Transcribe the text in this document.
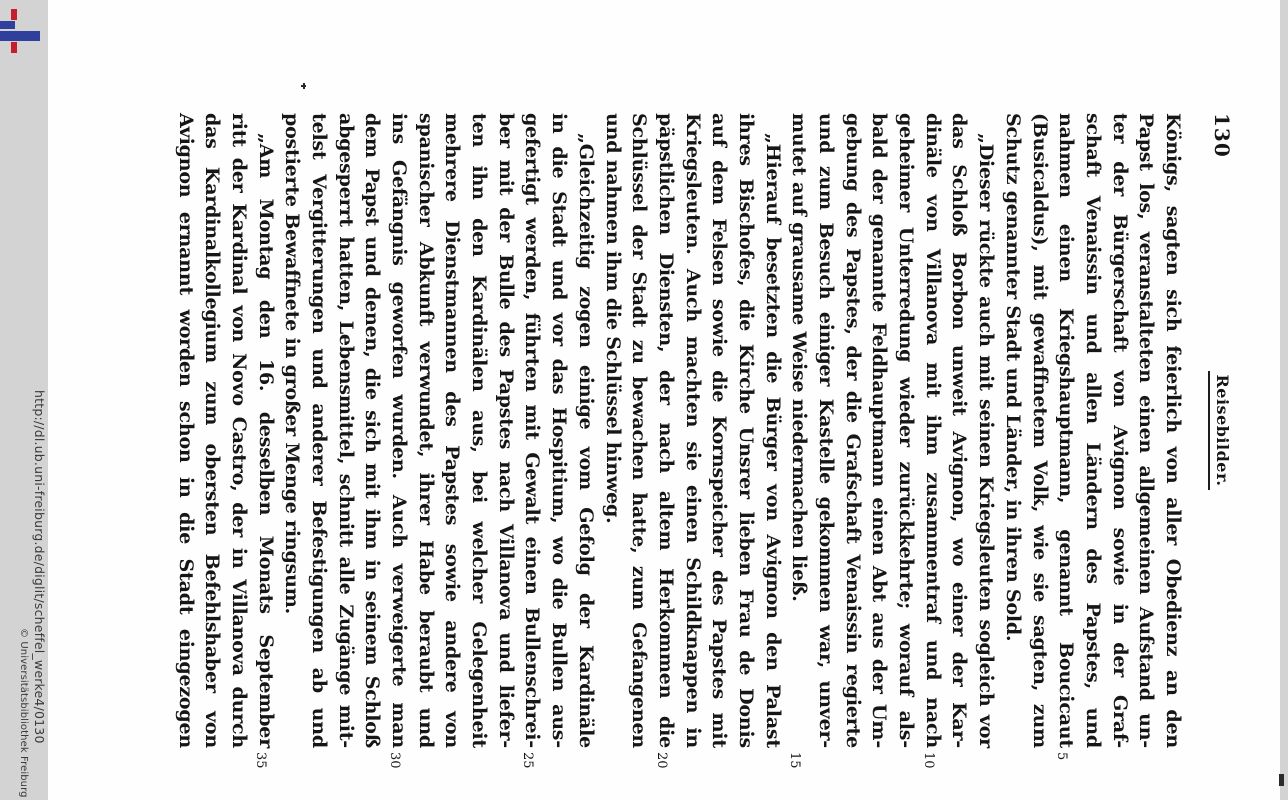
130
Reisebilder.
Königs, sagten sich feierlich von aller Obedienz an den
Papst los, veranstalteten einen allgemeinen Aufstand un-
ter der Bürgerschaft von Avignon sowie in der Graf-
schaft Venaissin und allen Ländern des Papstes, und
nahmen einen Kriegshauptmann, genannt Boucicaut
5
(Busicaldus), mit gewaffnetem Volk, wie sie sagten, zum
Schutz genannter Stadt und Länder, in ihren Sold.
„Dieser rückte auch mit seinen Kriegsleuten sogleich vor
das Schloß Borbon unweit Avignon, wo einer der Kar-
dinäle von Villanova mit ihm zusammentraf und nach
10
geheimer Unterredung wieder zurückkehrte; worauf als-
bald der genannte Feldhauptmann einen Abt aus der Um-
gebung des Papstes, der die Grafschaft Venaissin regierte
und zum Besuch einiger Kastelle gekommen war, unver-
mutet auf grausame Weise niedermachen ließ.
15
„Hierauf besetzten die Bürger von Avignon den Palast
ihres Bischofes, die Kirche Unsrer lieben Frau de Donis
auf dem Felsen sowie die Kornspeicher des Papstes mit
Kriegsleuten. Auch machten sie einen Schildknappen in
päpstlichen Diensten, der nach altem Herkommen die
20
Schlüssel der Stadt zu bewachen hatte, zum Gefangenen
und nahmen ihm die Schlüssel hinweg.
„Gleichzeitig zogen einige vom Gefolg der Kardinäle
in die Stadt und vor das Hospitium, wo die Bullen aus-
gefertigt werden, führten mit Gewalt einen Bullenschrei-
25
ber mit der Bulle des Papstes nach Villanova und liefer-
ten ihn den Kardinälen aus, bei welcher Gelegenheit
mehrere Dienstmannen des Papstes sowie andere von
spanischer Abkunft verwundet, ihrer Habe beraubt und
ins Gefängnis geworfen wurden. Auch verweigerte man
30
dem Papst und denen, die sich mit ihm in seinem Schloß
abgesperrt hatten, Lebensmittel, schnitt alle Zugänge mit-
telst Vergitterungen und anderer Befestigungen ab und
postierte Bewaffnete in großer Menge ringsum.
„Am Montag den 16. desselben Monats September
35
ritt der Kardinal von Novo Castro, der in Villanova durch
das Kardinalkollegium zum obersten Befehlshaber von
Avignon ernannt worden schon in die Stadt eingezogen
http://dl.ub.uni-freiburg.de/diglit/scheffel_werke4/0130
© Universitätsbibliothek Freiburg
